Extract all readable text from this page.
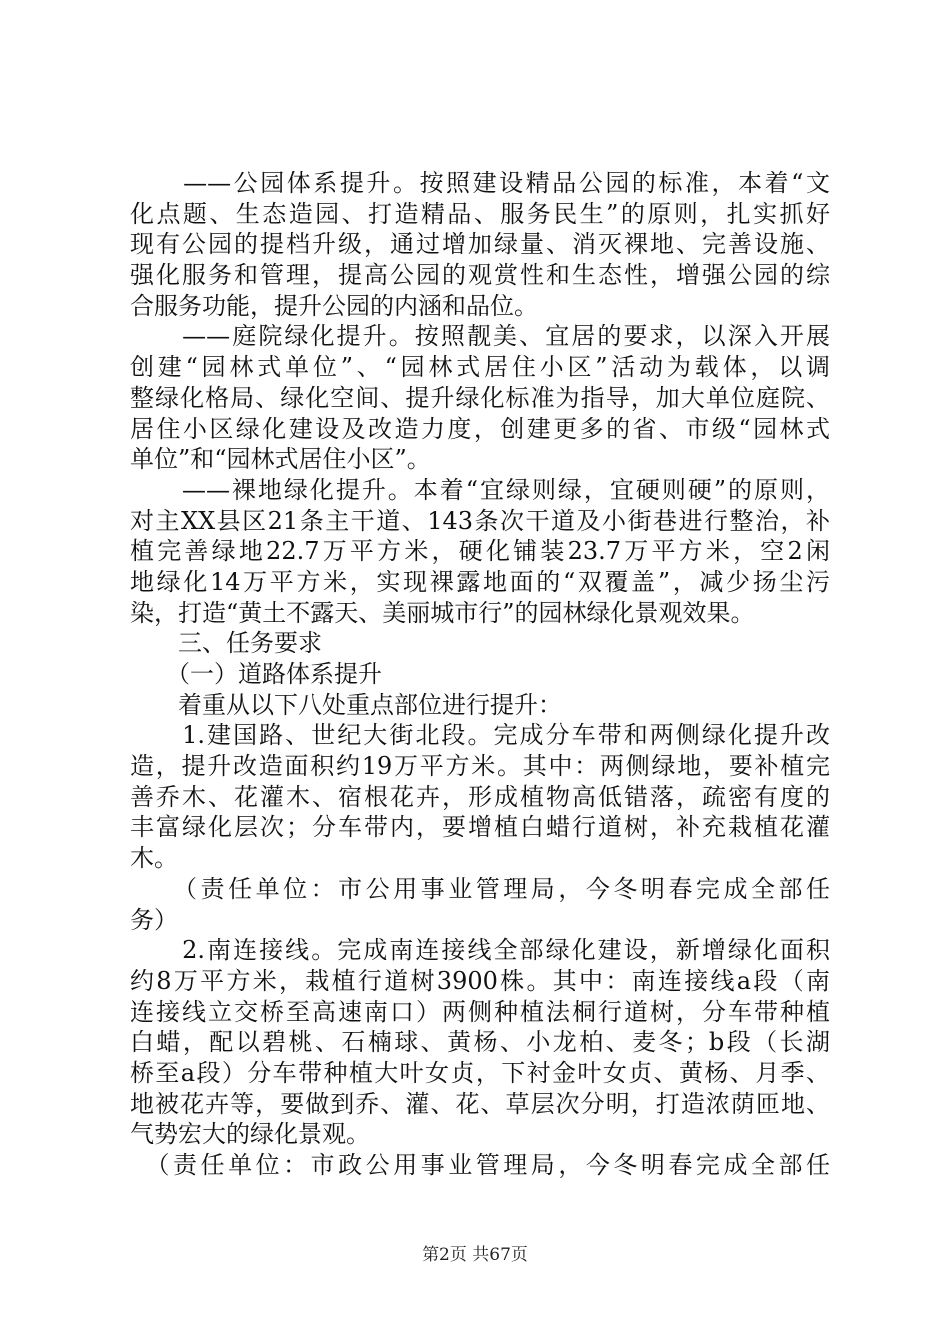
　　——公园体系提升。按照建设精品公园的标准，本着“文
化点题、生态造园、打造精品、服务民生”的原则，扎实抓好
现有公园的提档升级，通过增加绿量、消灭裸地、完善设施、
强化服务和管理，提高公园的观赏性和生态性，增强公园的综
合服务功能，提升公园的内涵和品位。
　　——庭院绿化提升。按照靓美、宜居的要求，以深入开展
创建“园林式单位”、“园林式居住小区”活动为载体，以调
整绿化格局、绿化空间、提升绿化标准为指导，加大单位庭院、
居住小区绿化建设及改造力度，创建更多的省、市级“园林式
单位”和“园林式居住小区”。
　　——裸地绿化提升。本着“宜绿则绿，宜硬则硬”的原则，
对主XX县区21条主干道、143条次干道及小街巷进行整治，补
植完善绿地22.7万平方米，硬化铺装23.7万平方米，空2闲
地绿化14万平方米，实现裸露地面的“双覆盖”，减少扬尘污
染，打造“黄土不露天、美丽城市行”的园林绿化景观效果。
　　三、任务要求
　　（一）道路体系提升
　　着重从以下八处重点部位进行提升：
　　1.建国路、世纪大街北段。完成分车带和两侧绿化提升改
造，提升改造面积约19万平方米。其中：两侧绿地，要补植完
善乔木、花灌木、宿根花卉，形成植物高低错落，疏密有度的
丰富绿化层次；分车带内，要增植白蜡行道树，补充栽植花灌
木。
　　（责任单位：市公用事业管理局，今冬明春完成全部任
务）
　　2.南连接线。完成南连接线全部绿化建设，新增绿化面积
约8万平方米，栽植行道树3900株。其中：南连接线a段（南
连接线立交桥至高速南口）两侧种植法桐行道树，分车带种植
白蜡，配以碧桃、石楠球、黄杨、小龙柏、麦冬；b段（长湖
桥至a段）分车带种植大叶女贞，下衬金叶女贞、黄杨、月季、
地被花卉等，要做到乔、灌、花、草层次分明，打造浓荫匝地、
气势宏大的绿化景观。
　（责任单位：市政公用事业管理局，今冬明春完成全部任
第2页 共67页
